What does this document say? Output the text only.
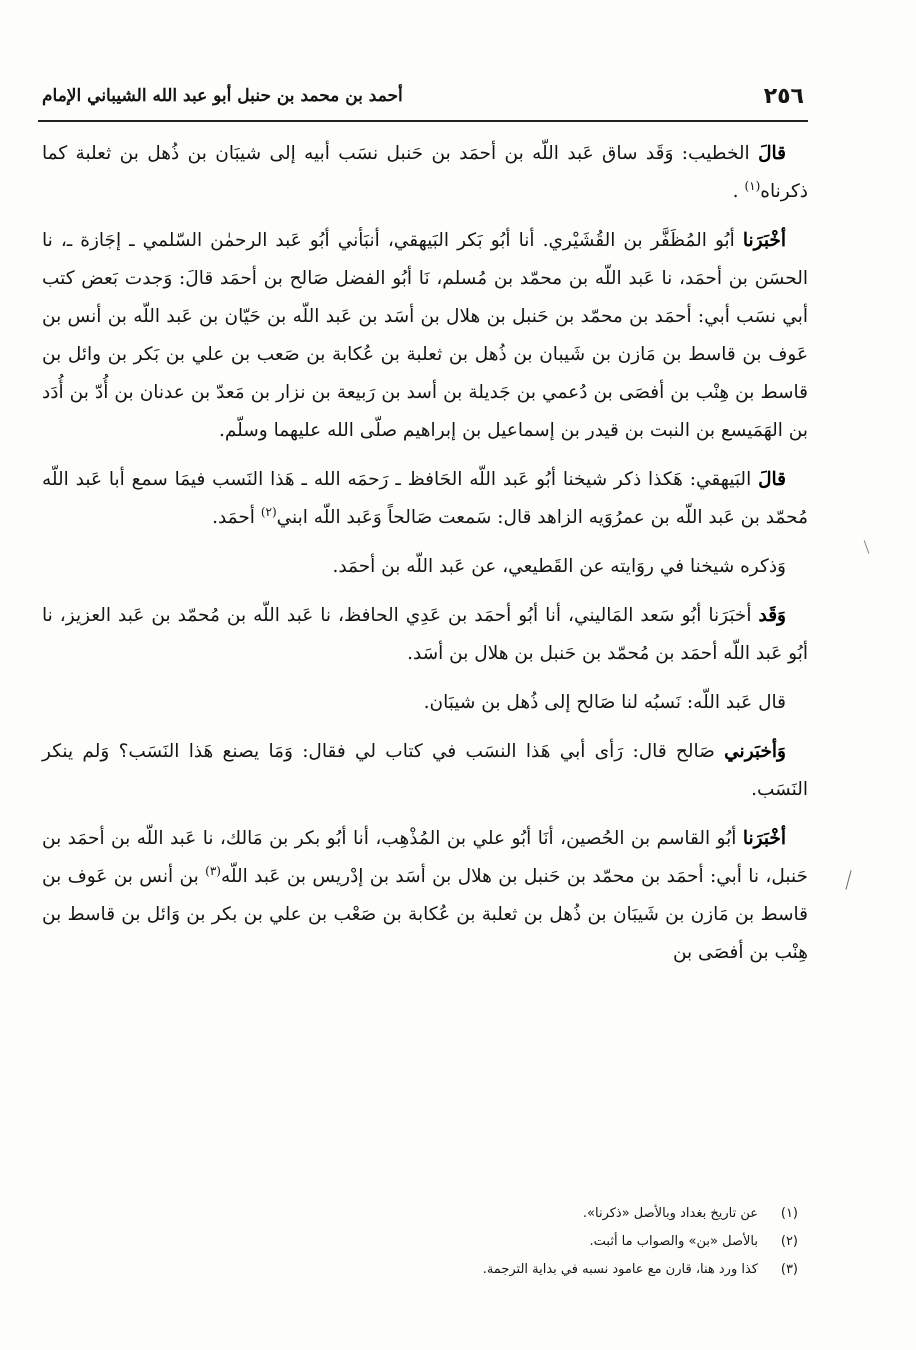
٢٥٦
أحمد بن محمد بن حنبل أبو عبد الله الشيباني الإمام

قالَ الخطيب: وَقَد ساق عَبد اللّه بن أحمَد بن حَنبل نسَب أبيه إلى شيبَان بن ذُهل بن ثعلبة كما ذكرناه$^{(١)}$ .

أخْبَرَنا أبُو المُظَفَّر بن القُشَيْري. أنا أبُو بَكر البَيهقي، أنبَأني أبُو عَبد الرحمٰن السّلمي ـ إجَازة ـ، نا الحسَن بن أحمَد، نا عَبد اللّه بن محمّد بن مُسلم، نَا أبُو الفضل صَالح بن أحمَد قالَ: وَجدت بَعض كتب أبي نسَب أبي: أحمَد بن محمّد بن حَنبل بن هلال بن أسَد بن عَبد اللّه بن حَيّان بن عَبد اللّه بن أنس بن عَوف بن قاسط بن مَازن بن شَيبان بن ذُهل بن ثعلبة بن عُكابة بن صَعب بن علي بن بَكر بن وائل بن قاسط بن هِنْب بن أفصَى بن دُعمي بن جَديلة بن أسد بن رَبيعة بن نزار بن مَعدّ بن عدنان بن أُدّ بن أُدَد بن الهَمَيسع بن النبت بن قيدر بن إسماعيل بن إبراهيم صلّى الله عليهما وسلّم.

قالَ البَيهقي: هَكذا ذكر شيخنا أبُو عَبد اللّه الحَافظ ـ رَحمَه الله ـ هَذا النَسب فيمَا سمع أبا عَبد اللّه مُحمّد بن عَبد اللّه بن عمرُوَيه الزاهد قال: سَمعت صَالحاً وَعَبد اللّه ابني$^{(٢)}$ أحمَد.

وَذكره شيخنا في روَايته عن القَطيعي، عن عَبد اللّه بن أحمَد.

وَقَد أخبَرَنا أبُو سَعد المَاليني، أنا أبُو أحمَد بن عَدِي الحافظ، نا عَبد اللّه بن مُحمّد بن عَبد العزيز، نا أبُو عَبد اللّه أحمَد بن مُحمّد بن حَنبل بن هلال بن أسَد.

قال عَبد اللّه: نَسبُه لنا صَالح إلى ذُهل بن شيبَان.

وَأخبَرني صَالح قال: رَأى أبي هَذا النسَب في كتاب لي فقال: وَمَا يصنع هَذا النَسَب؟ وَلم ينكر النَسَب.

أخْبَرَنا أبُو القاسم بن الحُصين، أنَا أبُو علي بن المُذْهِب، أنا أبُو بكر بن مَالك، نا عَبد اللّه بن أحمَد بن حَنبل، نا أبي: أحمَد بن محمّد بن حَنبل بن هلال بن أسَد بن إدْريس بن عَبد اللّه$^{(٣)}$ بن أنس بن عَوف بن قاسط بن مَازن بن شَيبَان بن ذُهل بن ثعلبة بن عُكابة بن صَعْب بن علي بن بكر بن وَائل بن قاسط بن هِنْب بن أفصَى بن

(١)
عن تاريخ بغداد وبالأصل «ذكرنا».
(٢)
بالأصل «بن» والصواب ما أثبت.
(٣)
كذا ورد هنا، قارن مع عامود نسبه في بداية الترجمة.
